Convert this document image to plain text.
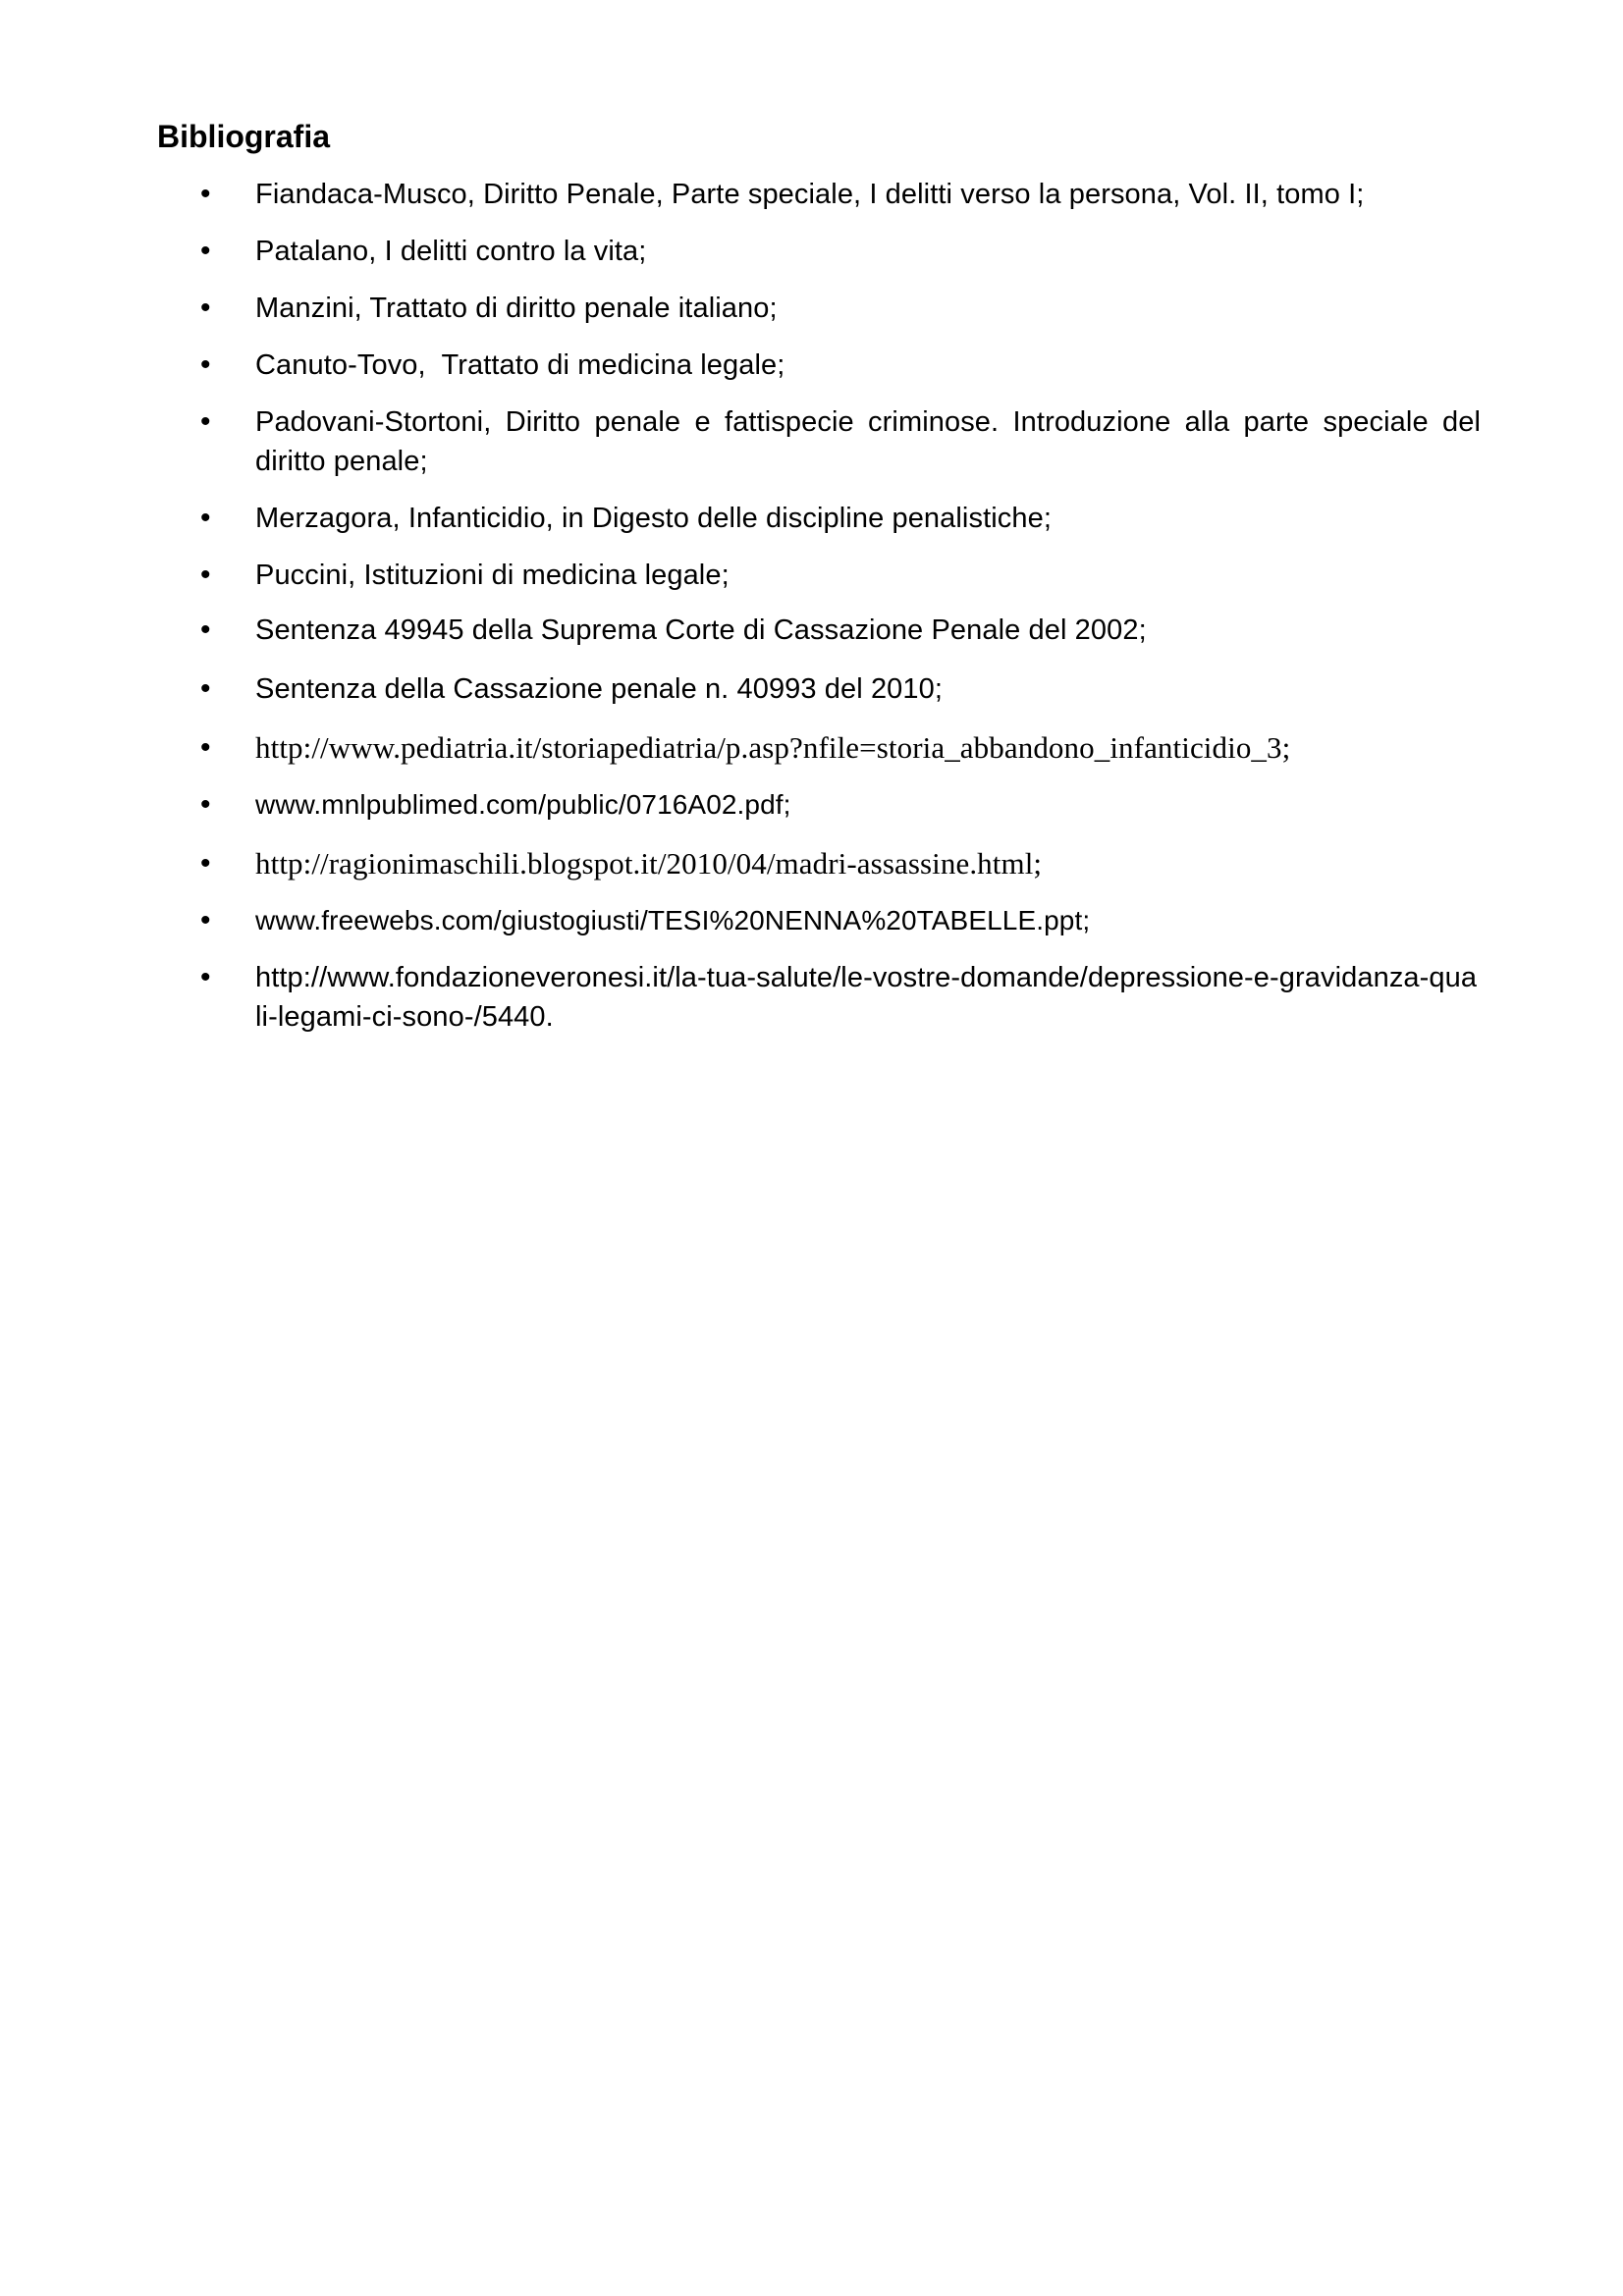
Bibliografia
• Fiandaca-Musco, Diritto Penale, Parte speciale, I delitti verso la persona, Vol. II, tomo I;
• Patalano, I delitti contro la vita;
• Manzini, Trattato di diritto penale italiano;
• Canuto-Tovo,  Trattato di medicina legale;
• Padovani-Stortoni, Diritto penale e fattispecie criminose. Introduzione alla parte speciale del diritto penale;
• Merzagora, Infanticidio, in Digesto delle discipline penalistiche;
• Puccini, Istituzioni di medicina legale;
• Sentenza 49945 della Suprema Corte di Cassazione Penale del 2002;
• Sentenza della Cassazione penale n. 40993 del 2010;
• http://www.pediatria.it/storiapediatria/p.asp?nfile=storia_abbandono_infanticidio_3;
• www.mnlpublimed.com/public/0716A02.pdf;
• http://ragionimaschili.blogspot.it/2010/04/madri-assassine.html;
• www.freewebs.com/giustogiusti/TESI%20NENNA%20TABELLE.ppt;
• http://www.fondazioneveronesi.it/la-tua-salute/le-vostre-domande/depressione-e-gravidanza-quali-legami-ci-sono-/5440.
